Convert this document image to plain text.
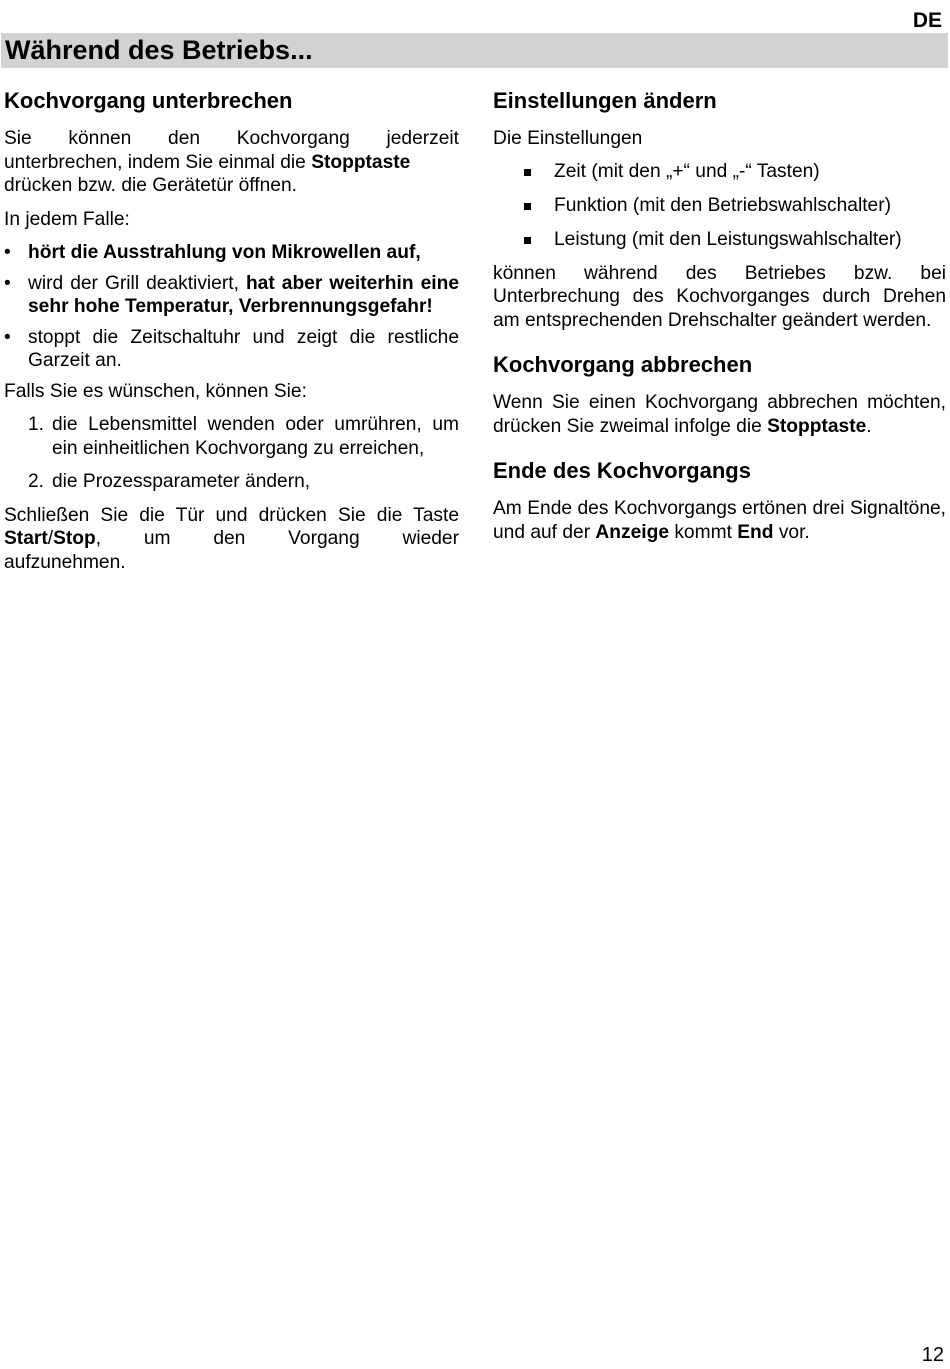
DE
Während des Betriebs...
Kochvorgang unterbrechen

Sie können den Kochvorgang jederzeit
unterbrechen, indem Sie einmal die Stopptaste
drücken bzw. die Gerätetür öffnen.

In jedem Falle:

• hört die Ausstrahlung von Mikrowellen auf,
• wird der Grill deaktiviert, hat aber weiterhin eine sehr hohe Temperatur, Verbrennungsgefahr!
• stoppt die Zeitschaltuhr und zeigt die restliche Garzeit an.

Falls Sie es wünschen, können Sie:

1. die Lebensmittel wenden oder umrühren, um ein einheitlichen Kochvorgang zu erreichen,
2. die Prozessparameter ändern,

Schließen Sie die Tür und drücken Sie die Taste
Start/Stop, um den Vorgang wieder
aufzunehmen.

Einstellungen ändern

Die Einstellungen

Zeit (mit den „+“ und „-“ Tasten)
Funktion (mit den Betriebswahlschalter)
Leistung (mit den Leistungswahlschalter)

können während des Betriebes bzw. bei Unterbrechung des Kochvorganges durch Drehen am entsprechenden Drehschalter geändert werden.

Kochvorgang abbrechen

Wenn Sie einen Kochvorgang abbrechen möchten, drücken Sie zweimal infolge die Stopptaste.

Ende des Kochvorgangs

Am Ende des Kochvorgangs ertönen drei Signaltöne, und auf der Anzeige kommt End vor.

12
